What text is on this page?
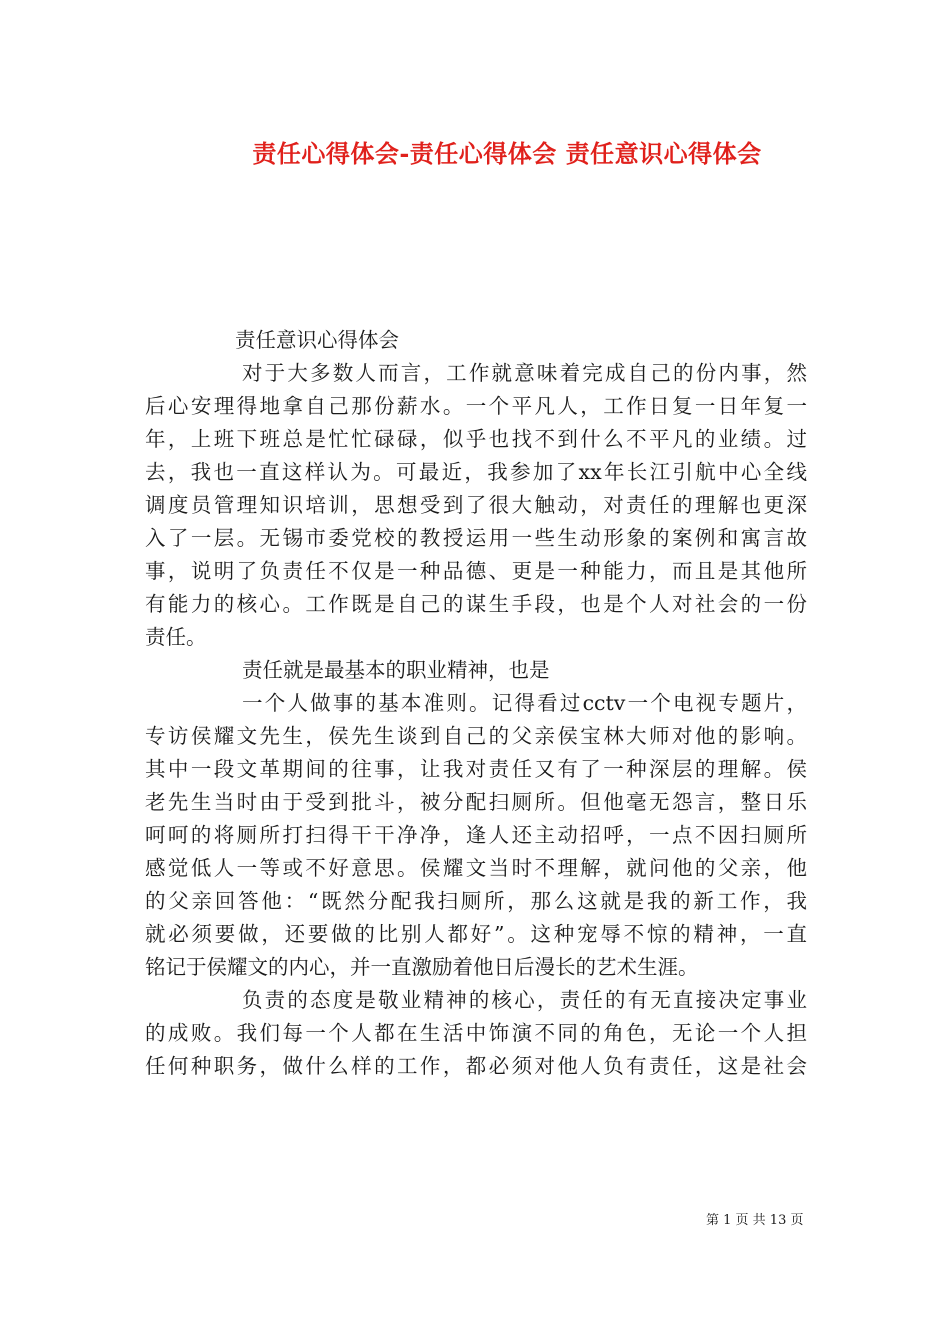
责任心得体会-责任心得体会 责任意识心得体会
责任意识心得体会
对于大多数人而言，工作就意味着完成自己的份内事，然
后心安理得地拿自己那份薪水。一个平凡人，工作日复一日年复一
年，上班下班总是忙忙碌碌，似乎也找不到什么不平凡的业绩。过
去，我也一直这样认为。可最近，我参加了xx年长江引航中心全线
调度员管理知识培训，思想受到了很大触动，对责任的理解也更深
入了一层。无锡市委党校的教授运用一些生动形象的案例和寓言故
事，说明了负责任不仅是一种品德、更是一种能力，而且是其他所
有能力的核心。工作既是自己的谋生手段，也是个人对社会的一份
责任。
责任就是最基本的职业精神，也是
一个人做事的基本准则。记得看过cctv一个电视专题片，
专访侯耀文先生，侯先生谈到自己的父亲侯宝林大师对他的影响。
其中一段文革期间的往事，让我对责任又有了一种深层的理解。侯
老先生当时由于受到批斗，被分配扫厕所。但他毫无怨言，整日乐
呵呵的将厕所打扫得干干净净，逢人还主动招呼，一点不因扫厕所
感觉低人一等或不好意思。侯耀文当时不理解，就问他的父亲，他
的父亲回答他：“既然分配我扫厕所，那么这就是我的新工作，我
就必须要做，还要做的比别人都好”。这种宠辱不惊的精神，一直
铭记于侯耀文的内心，并一直激励着他日后漫长的艺术生涯。
负责的态度是敬业精神的核心，责任的有无直接决定事业
的成败。我们每一个人都在生活中饰演不同的角色，无论一个人担
任何种职务，做什么样的工作，都必须对他人负有责任，这是社会
第 1 页 共 13 页
